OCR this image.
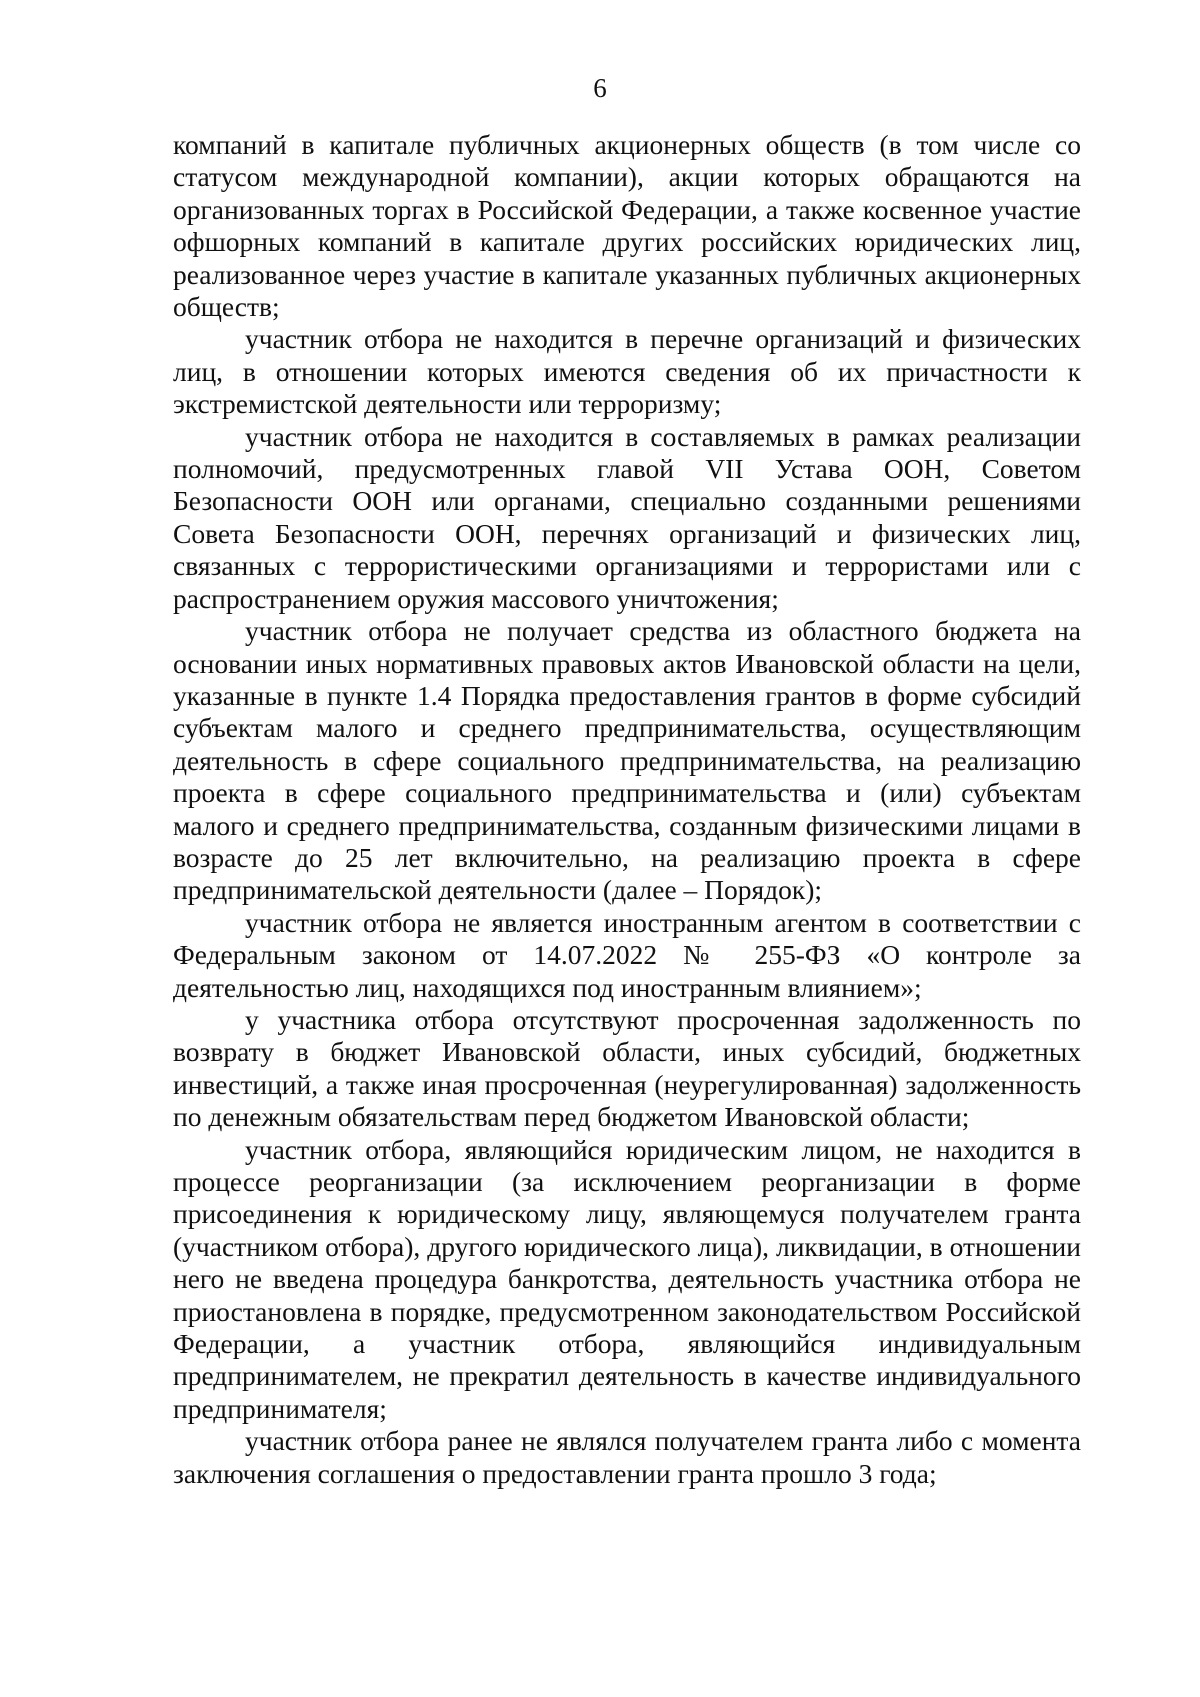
6

компаний в капитале публичных акционерных обществ (в том числе со статусом международной компании), акции которых обращаются на организованных торгах в Российской Федерации, а также косвенное участие офшорных компаний в капитале других российских юридических лиц, реализованное через участие в капитале указанных публичных акционерных обществ;

участник отбора не находится в перечне организаций и физических лиц, в отношении которых имеются сведения об их причастности к экстремистской деятельности или терроризму;

участник отбора не находится в составляемых в рамках реализации полномочий, предусмотренных главой VII Устава ООН, Советом Безопасности ООН или органами, специально созданными решениями Совета Безопасности ООН, перечнях организаций и физических лиц, связанных с террористическими организациями и террористами или с распространением оружия массового уничтожения;

участник отбора не получает средства из областного бюджета на основании иных нормативных правовых актов Ивановской области на цели, указанные в пункте 1.4 Порядка предоставления грантов в форме субсидий субъектам малого и среднего предпринимательства, осуществляющим деятельность в сфере социального предпринимательства, на реализацию проекта в сфере социального предпринимательства и (или) субъектам малого и среднего предпринимательства, созданным физическими лицами в возрасте до 25 лет включительно, на реализацию проекта в сфере предпринимательской деятельности (далее – Порядок);

участник отбора не является иностранным агентом в соответствии с Федеральным законом от 14.07.2022 № 255-ФЗ «О контроле за деятельностью лиц, находящихся под иностранным влиянием»;

у участника отбора отсутствуют просроченная задолженность по возврату в бюджет Ивановской области, иных субсидий, бюджетных инвестиций, а также иная просроченная (неурегулированная) задолженность по денежным обязательствам перед бюджетом Ивановской области;

участник отбора, являющийся юридическим лицом, не находится в процессе реорганизации (за исключением реорганизации в форме присоединения к юридическому лицу, являющемуся получателем гранта (участником отбора), другого юридического лица), ликвидации, в отношении него не введена процедура банкротства, деятельность участника отбора не приостановлена в порядке, предусмотренном законодательством Российской Федерации, а участник отбора, являющийся индивидуальным предпринимателем, не прекратил деятельность в качестве индивидуального предпринимателя;

участник отбора ранее не являлся получателем гранта либо с момента заключения соглашения о предоставлении гранта прошло 3 года;
